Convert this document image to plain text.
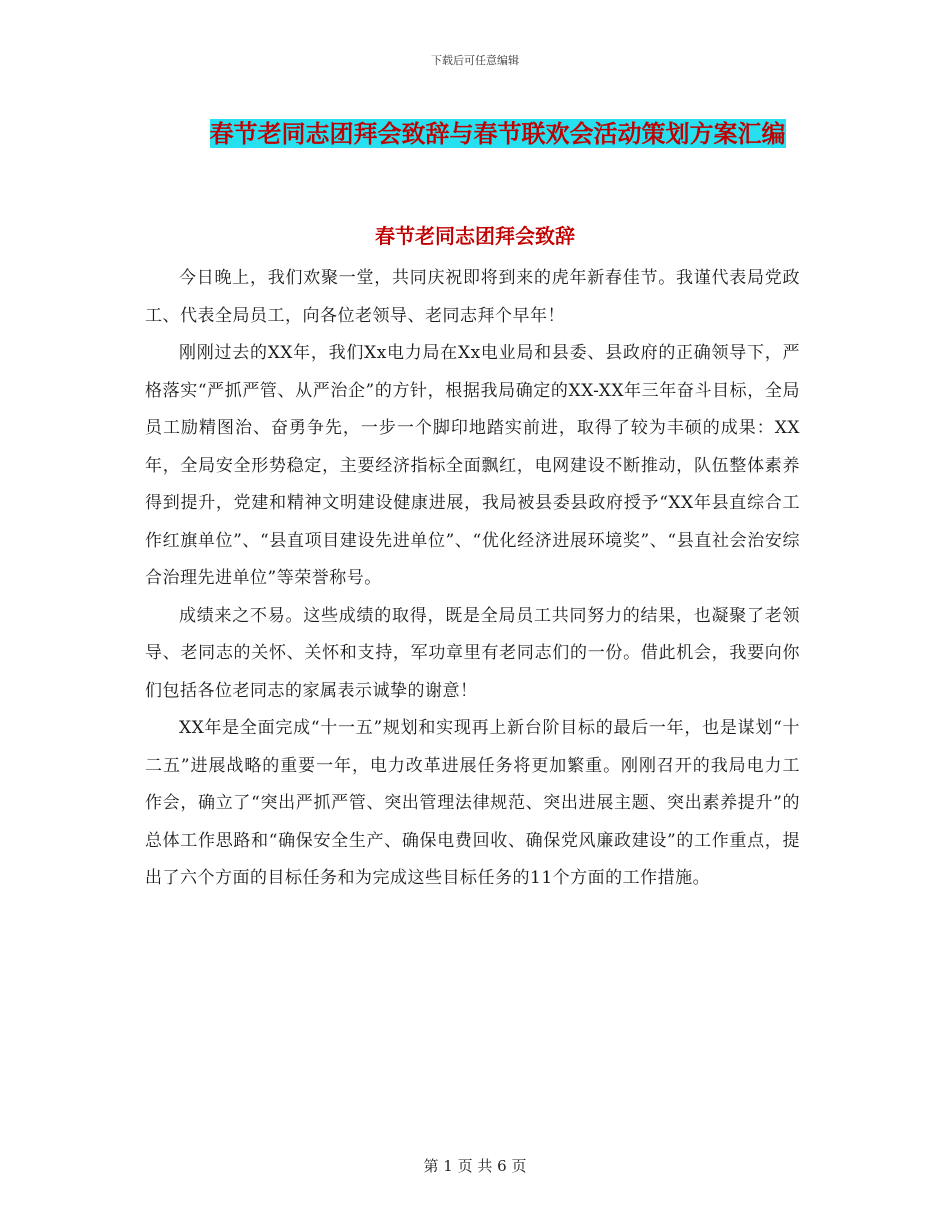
下载后可任意编辑
春节老同志团拜会致辞与春节联欢会活动策划方案汇编
春节老同志团拜会致辞

今日晚上，我们欢聚一堂，共同庆祝即将到来的虎年新春佳节。我谨代表局党政工、代表全局员工，向各位老领导、老同志拜个早年！

刚刚过去的XX年，我们Xx电力局在Xx电业局和县委、县政府的正确领导下，严格落实“严抓严管、从严治企”的方针，根据我局确定的XX-XX年三年奋斗目标，全局员工励精图治、奋勇争先，一步一个脚印地踏实前进，取得了较为丰硕的成果：XX年，全局安全形势稳定，主要经济指标全面飘红，电网建设不断推动，队伍整体素养得到提升，党建和精神文明建设健康进展，我局被县委县政府授予“XX年县直综合工作红旗单位”、“县直项目建设先进单位”、“优化经济进展环境奖”、“县直社会治安综合治理先进单位”等荣誉称号。

成绩来之不易。这些成绩的取得，既是全局员工共同努力的结果，也凝聚了老领导、老同志的关怀、关怀和支持，军功章里有老同志们的一份。借此机会，我要向你们包括各位老同志的家属表示诚挚的谢意！

XX年是全面完成“十一五”规划和实现再上新台阶目标的最后一年，也是谋划“十二五”进展战略的重要一年，电力改革进展任务将更加繁重。刚刚召开的我局电力工作会，确立了“突出严抓严管、突出管理法律规范、突出进展主题、突出素养提升”的总体工作思路和“确保安全生产、确保电费回收、确保党风廉政建设”的工作重点，提出了六个方面的目标任务和为完成这些目标任务的11个方面的工作措施。

第 1 页 共 6 页
